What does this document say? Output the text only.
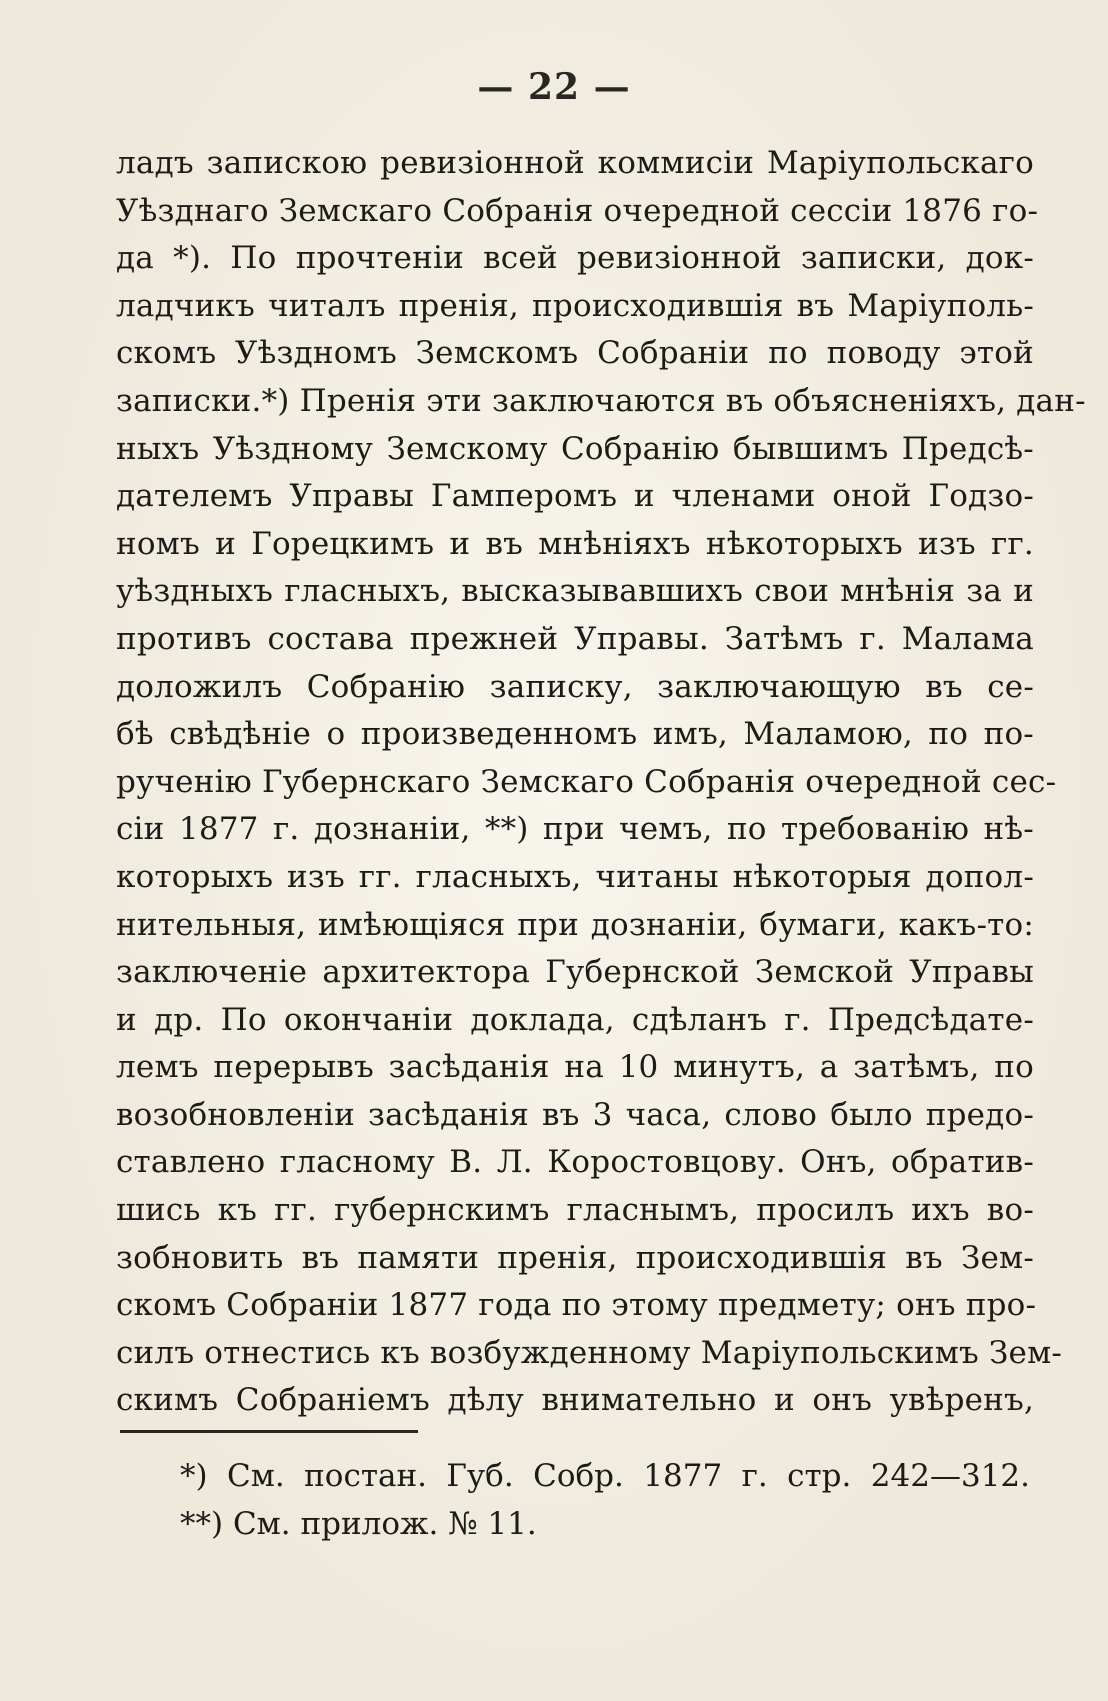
— 22 —
ладъ запискою ревизіонной коммисіи Маріупольскаго
Уѣзднаго Земскаго Собранія очередной сессіи 1876 го-
да *). По прочтеніи всей ревизіонной записки, док-
ладчикъ читалъ пренія, происходившія въ Маріуполь-
скомъ Уѣздномъ Земскомъ Собраніи по поводу этой
записки.*) Пренія эти заключаются въ объясненіяхъ, дан-
ныхъ Уѣздному Земскому Собранію бывшимъ Предсѣ-
дателемъ Управы Гамперомъ и членами оной Годзо-
номъ и Горецкимъ и въ мнѣніяхъ нѣкоторыхъ изъ гг.
уѣздныхъ гласныхъ, высказывавшихъ свои мнѣнія за и
противъ состава прежней Управы. Затѣмъ г. Малама
доложилъ Собранію записку, заключающую въ се-
бѣ свѣдѣніе о произведенномъ имъ, Маламою, по по-
рученію Губернскаго Земскаго Собранія очередной сес-
сіи 1877 г. дознаніи, **) при чемъ, по требованію нѣ-
которыхъ изъ гг. гласныхъ, читаны нѣкоторыя допол-
нительныя, имѣющіяся при дознаніи, бумаги, какъ-то:
заключеніе архитектора Губернской Земской Управы
и др. По окончаніи доклада, сдѣланъ г. Предсѣдате-
лемъ перерывъ засѣданія на 10 минутъ, а затѣмъ, по
возобновленіи засѣданія въ 3 часа, слово было предо-
ставлено гласному В. Л. Коростовцову. Онъ, обратив-
шись къ гг. губернскимъ гласнымъ, просилъ ихъ во-
зобновить въ памяти пренія, происходившія въ Зем-
скомъ Собраніи 1877 года по этому предмету; онъ про-
силъ отнестись къ возбужденному Маріупольскимъ Зем-
скимъ Собраніемъ дѣлу внимательно и онъ увѣренъ,
*) См. постан. Губ. Собр. 1877 г. стр. 242—312.
**) См. прилож. № 11.
